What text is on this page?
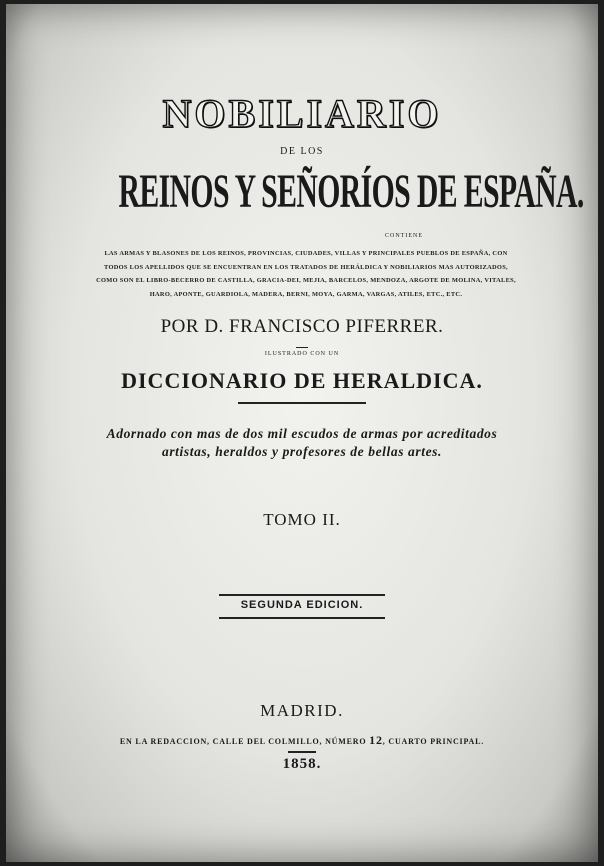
NOBILIARIO
DE LOS
REINOS Y SEÑORÍOS DE ESPAÑA.
CONTIENE
LAS ARMAS Y BLASONES DE LOS REINOS, PROVINCIAS, CIUDADES, VILLAS Y PRINCIPALES PUEBLOS DE ESPAÑA, CON
TODOS LOS APELLIDOS QUE SE ENCUENTRAN EN LOS TRATADOS DE HERÁLDICA Y NOBILIARIOS MAS AUTORIZADOS,
COMO SON EL LIBRO-BECERRO DE CASTILLA, GRACIA-DEI, MEJIA, BARCELOS, MENDOZA, ARGOTE DE MOLINA, VITALES,
HARO, APONTE, GUARDIOLA, MADERA, BERNI, MOYA, GARMA, VARGAS, ATILES, ETC., ETC.
POR D. FRANCISCO PIFERRER.
ILUSTRADO CON UN
DICCIONARIO DE HERALDICA.
Adornado con mas de dos mil escudos de armas por acreditados
artistas, heraldos y profesores de bellas artes.
TOMO II.
SEGUNDA EDICION.
MADRID.
EN LA REDACCION, CALLE DEL COLMILLO, NÚMERO 12, CUARTO PRINCIPAL.
1858.
